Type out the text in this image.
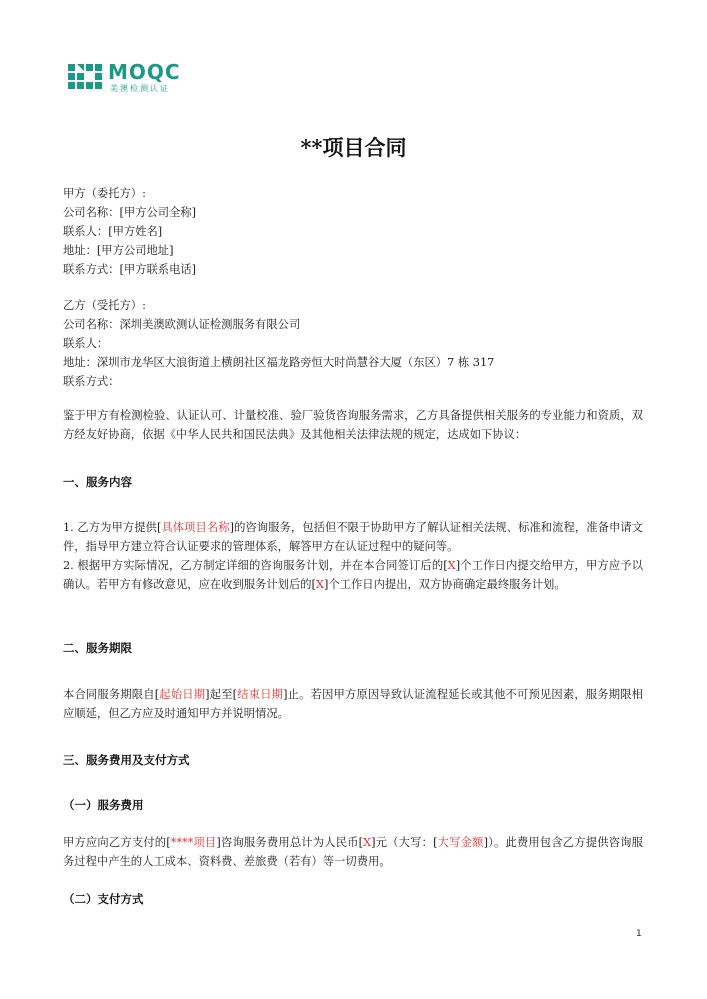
MOQC
美澳检测认证
**项目合同
甲方（委托方）:
公司名称：[甲方公司全称]
联系人：[甲方姓名]
地址：[甲方公司地址]
联系方式：[甲方联系电话]
乙方（受托方）:
公司名称：深圳美澳欧测认证检测服务有限公司
联系人：
地址：深圳市龙华区大浪街道上横朗社区福龙路旁恒大时尚慧谷大厦（东区）7 栋 317
联系方式：
鉴于甲方有检测检验、认证认可、计量校准、验厂验货咨询服务需求，乙方具备提供相关服务的专业能力和资质，双方经友好协商，依据《中华人民共和国民法典》及其他相关法律法规的规定，达成如下协议：
一、服务内容
1. 乙方为甲方提供[具体项目名称]的咨询服务，包括但不限于协助甲方了解认证相关法规、标准和流程，准备申请文件，指导甲方建立符合认证要求的管理体系，解答甲方在认证过程中的疑问等。
2. 根据甲方实际情况，乙方制定详细的咨询服务计划，并在本合同签订后的[X]个工作日内提交给甲方，甲方应予以确认。若甲方有修改意见，应在收到服务计划后的[X]个工作日内提出，双方协商确定最终服务计划。
二、服务期限
本合同服务期限自[起始日期]起至[结束日期]止。若因甲方原因导致认证流程延长或其他不可预见因素，服务期限相应顺延，但乙方应及时通知甲方并说明情况。
三、服务费用及支付方式
（一）服务费用
甲方应向乙方支付的[****项目]咨询服务费用总计为人民币[X]元（大写：[大写金额]）。此费用包含乙方提供咨询服务过程中产生的人工成本、资料费、差旅费（若有）等一切费用。
（二）支付方式
1
